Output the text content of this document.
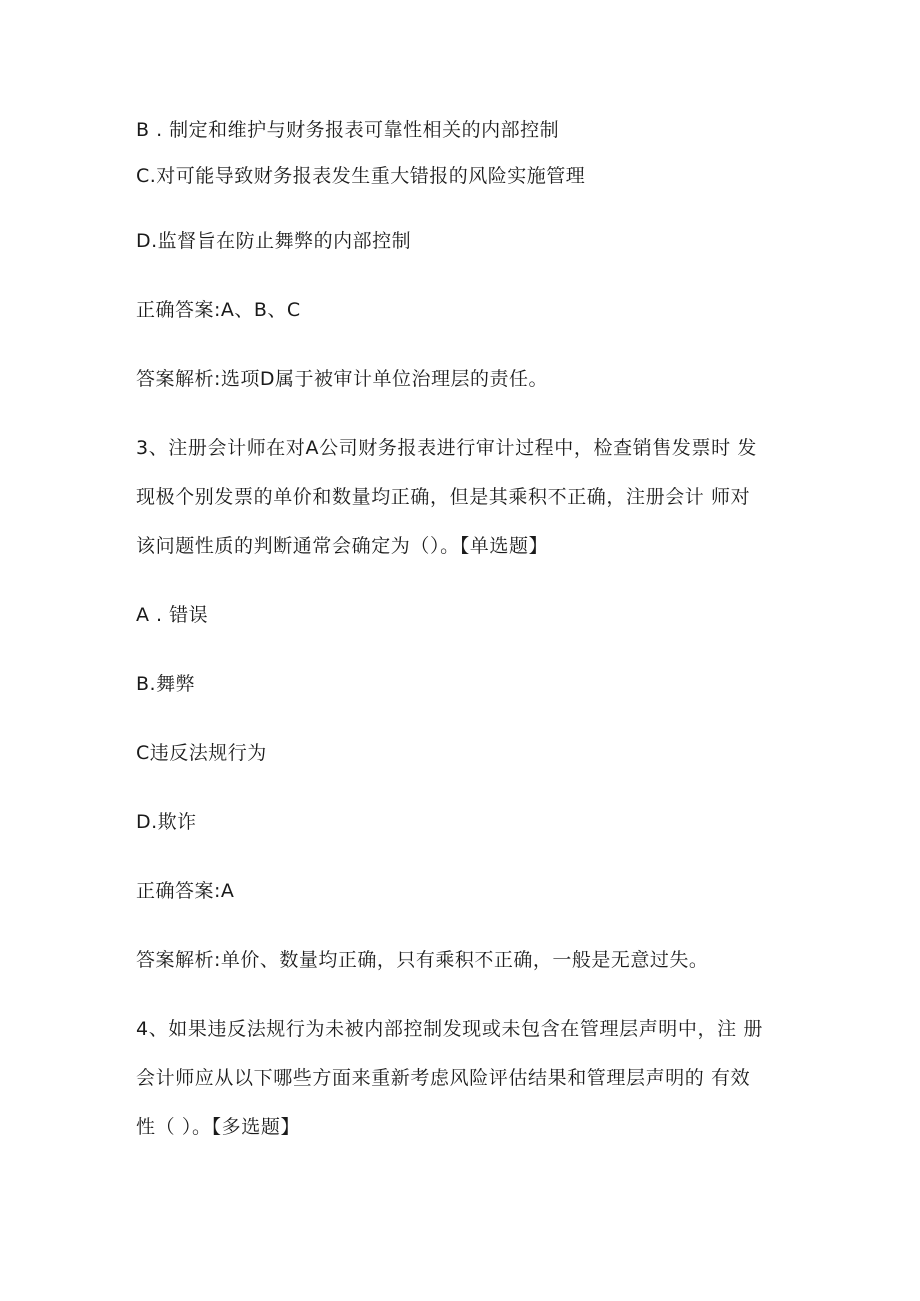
B . 制定和维护与财务报表可靠性相关的内部控制
C.对可能导致财务报表发生重大错报的风险实施管理
D.监督旨在防止舞弊的内部控制
正确答案:A、B、C
答案解析:选项D属于被审计单位治理层的责任。
3、注册会计师在对A公司财务报表进行审计过程中，检查销售发票时 发
现极个别发票的单价和数量均正确，但是其乘积不正确，注册会计 师对
该问题性质的判断通常会确定为（）。【单选题】
A . 错误
B.舞弊
C违反法规行为
D.欺诈
正确答案:A
答案解析:单价、数量均正确，只有乘积不正确，一般是无意过失。
4、如果违反法规行为未被内部控制发现或未包含在管理层声明中，注 册
会计师应从以下哪些方面来重新考虑风险评估结果和管理层声明的 有效
性（ ）。【多选题】
